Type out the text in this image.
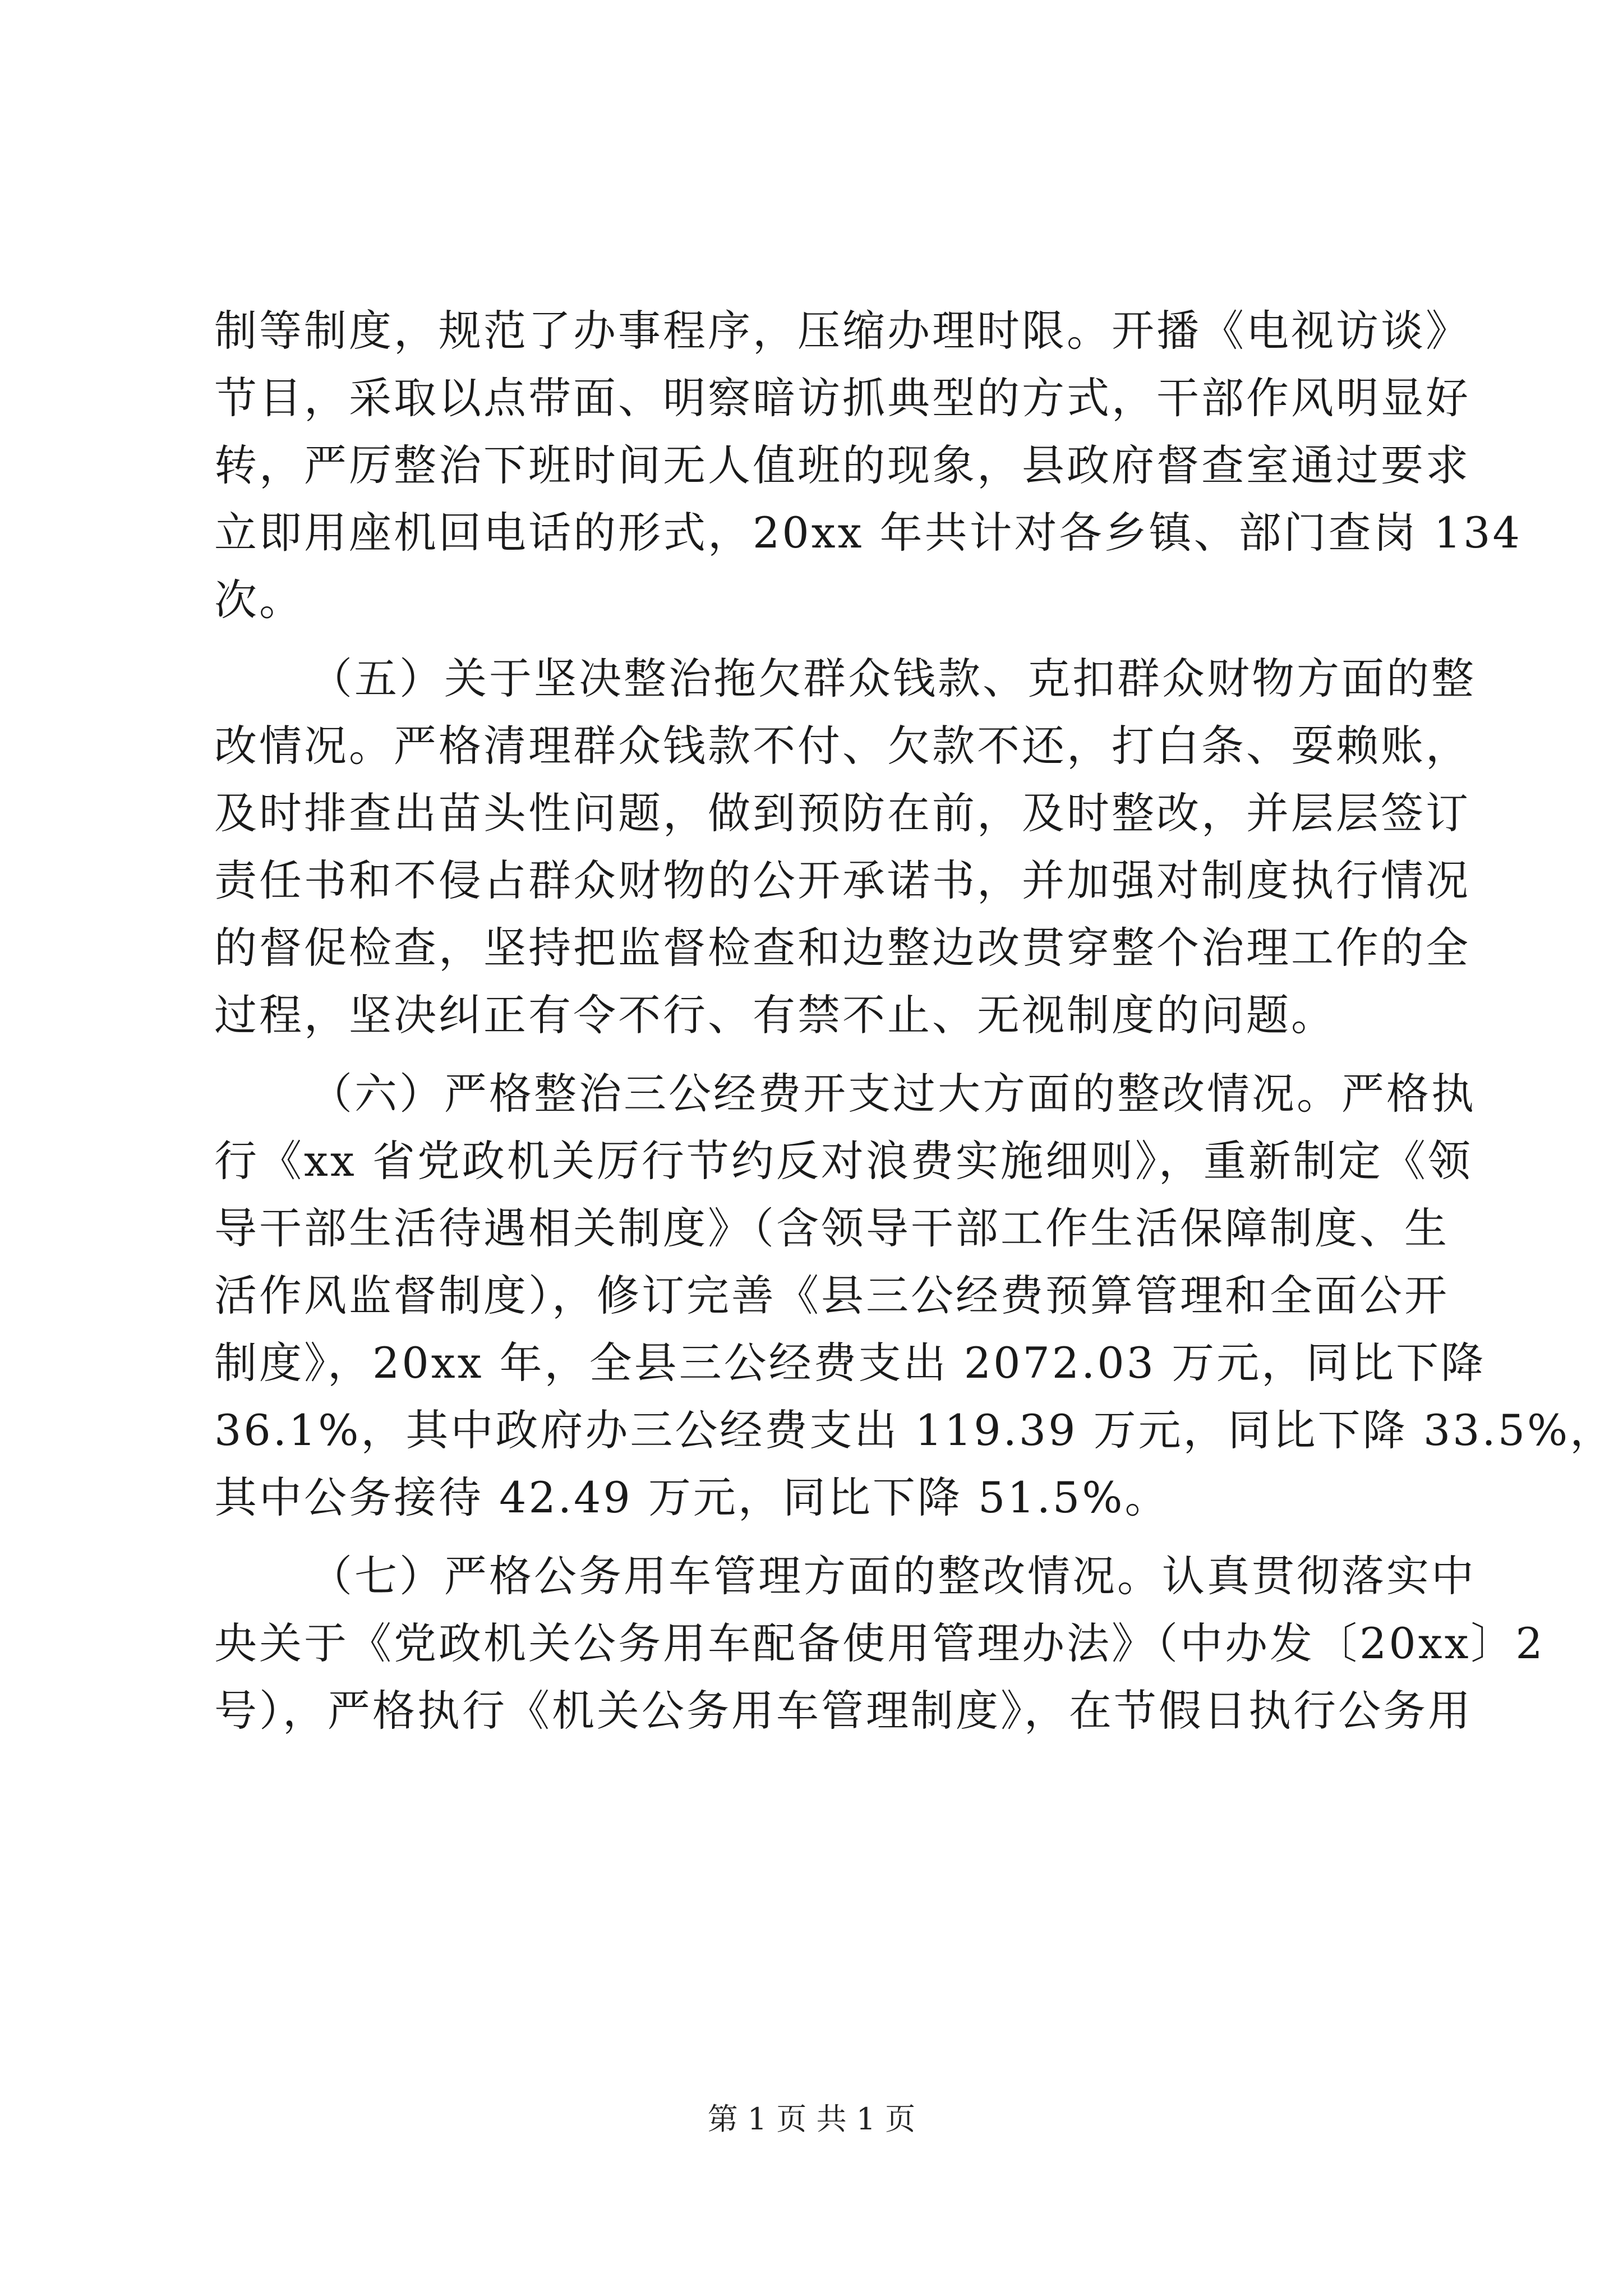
制等制度，规范了办事程序，压缩办理时限。开播《电视访谈》
节目，采取以点带面、明察暗访抓典型的方式，干部作风明显好
转，严厉整治下班时间无人值班的现象，县政府督查室通过要求
立即用座机回电话的形式，20xx 年共计对各乡镇、部门查岗 134
次。
（五）关于坚决整治拖欠群众钱款、克扣群众财物方面的整
改情况。严格清理群众钱款不付、欠款不还，打白条、耍赖账，
及时排查出苗头性问题，做到预防在前，及时整改，并层层签订
责任书和不侵占群众财物的公开承诺书，并加强对制度执行情况
的督促检查，坚持把监督检查和边整边改贯穿整个治理工作的全
过程，坚决纠正有令不行、有禁不止、无视制度的问题。
（六）严格整治三公经费开支过大方面的整改情况。严格执
行《xx 省党政机关厉行节约反对浪费实施细则》，重新制定《领
导干部生活待遇相关制度》（含领导干部工作生活保障制度、生
活作风监督制度），修订完善《县三公经费预算管理和全面公开
制度》，20xx 年，全县三公经费支出 2072.03 万元，同比下降
36.1%，其中政府办三公经费支出 119.39 万元，同比下降 33.5%，
其中公务接待 42.49 万元，同比下降 51.5%。
（七）严格公务用车管理方面的整改情况。认真贯彻落实中
央关于《党政机关公务用车配备使用管理办法》（中办发〔20xx〕2
号），严格执行《机关公务用车管理制度》，在节假日执行公务用
第 1 页 共 1 页
